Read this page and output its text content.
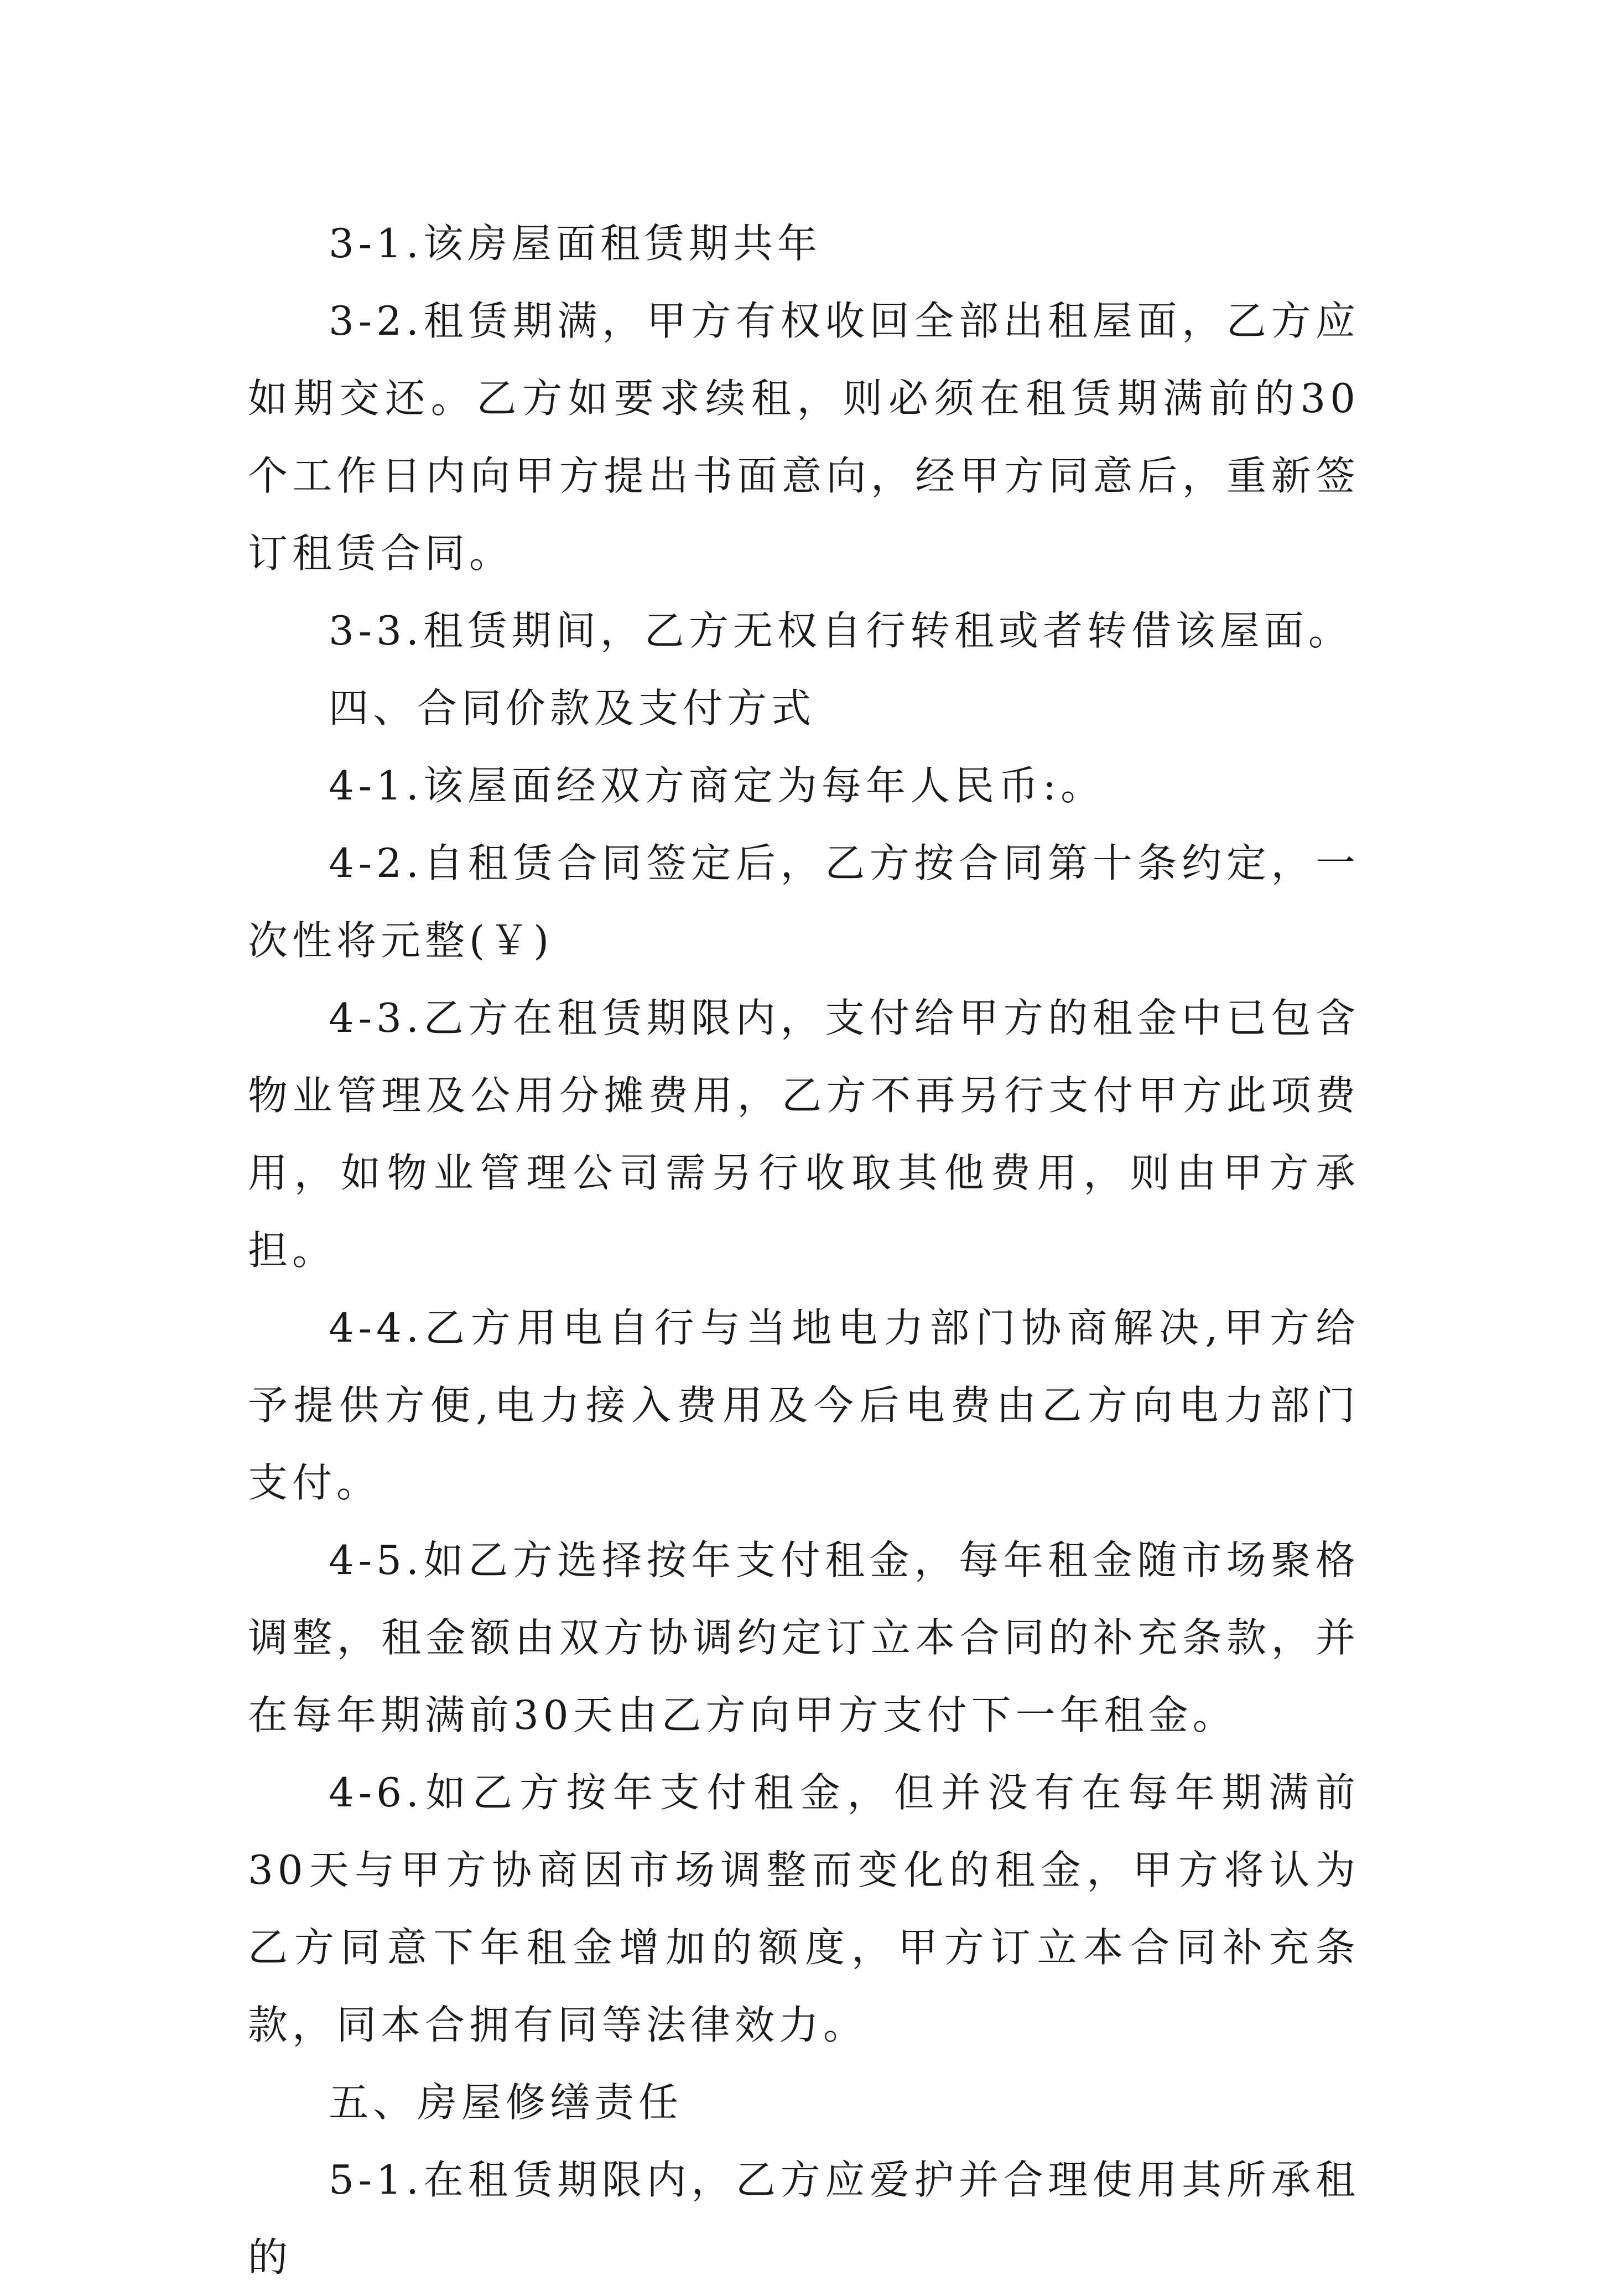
3-1.该房屋面租赁期共年

3-2.租赁期满，甲方有权收回全部出租屋面，乙方应如期交还。乙方如要求续租，则必须在租赁期满前的30个工作日内向甲方提出书面意向，经甲方同意后，重新签订租赁合同。

3-3.租赁期间，乙方无权自行转租或者转借该屋面。

四、合同价款及支付方式

4-1.该屋面经双方商定为每年人民币:。

4-2.自租赁合同签定后，乙方按合同第十条约定，一次性将元整(￥)

4-3.乙方在租赁期限内，支付给甲方的租金中已包含物业管理及公用分摊费用，乙方不再另行支付甲方此项费用，如物业管理公司需另行收取其他费用，则由甲方承担。

4-4.乙方用电自行与当地电力部门协商解决,甲方给予提供方便,电力接入费用及今后电费由乙方向电力部门支付。

4-5.如乙方选择按年支付租金，每年租金随市场聚格调整，租金额由双方协调约定订立本合同的补充条款，并在每年期满前30天由乙方向甲方支付下一年租金。

4-6.如乙方按年支付租金，但并没有在每年期满前30天与甲方协商因市场调整而变化的租金，甲方将认为乙方同意下年租金增加的额度，甲方订立本合同补充条款，同本合拥有同等法律效力。

五、房屋修缮责任

5-1.在租赁期限内，乙方应爱护并合理使用其所承租的
